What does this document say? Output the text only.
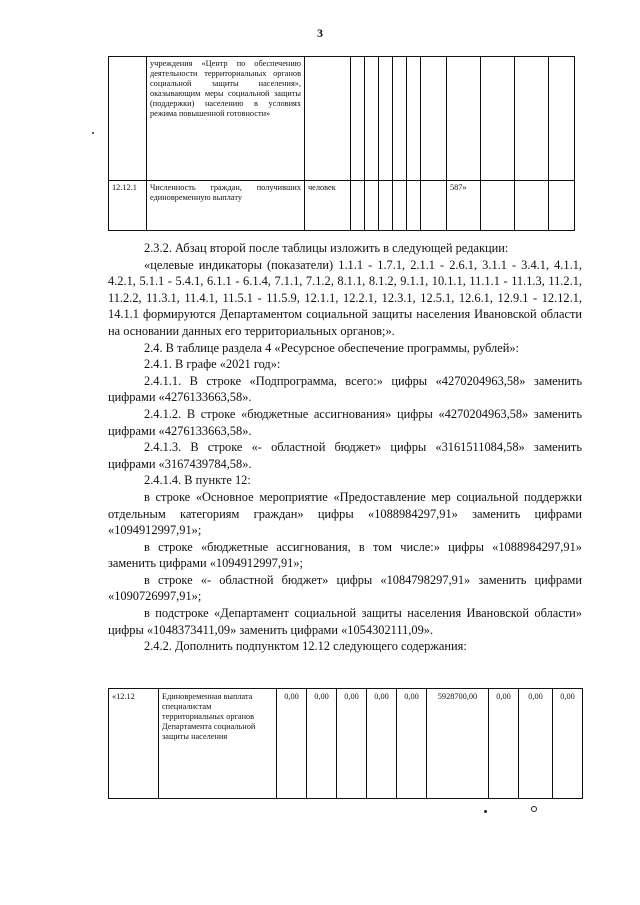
3
	учреждения «Центр по обеспечению деятельности территориальных органов социальной защиты населения», оказывающим меры социальной защиты (поддержки) населению в условиях режима повышенной готовности»											
12.12.1	Численность граждан, получивших единовременную выплату	человек							587»			

2.3.2. Абзац второй после таблицы изложить в следующей редакции:

«целевые индикаторы (показатели) 1.1.1 - 1.7.1, 2.1.1 - 2.6.1, 3.1.1 - 3.4.1, 4.1.1, 4.2.1, 5.1.1 - 5.4.1, 6.1.1 - 6.1.4, 7.1.1, 7.1.2, 8.1.1, 8.1.2, 9.1.1, 10.1.1, 11.1.1 - 11.1.3, 11.2.1, 11.2.2, 11.3.1, 11.4.1, 11.5.1 - 11.5.9, 12.1.1, 12.2.1, 12.3.1, 12.5.1, 12.6.1, 12.9.1 - 12.12.1, 14.1.1 формируются Департаментом социальной защиты населения Ивановской области на основании данных его территориальных органов;».

2.4. В таблице раздела 4 «Ресурсное обеспечение программы, рублей»:

2.4.1. В графе «2021 год»:

2.4.1.1. В строке «Подпрограмма, всего:» цифры «4270204963,58» заменить цифрами «4276133663,58».

2.4.1.2. В строке «бюджетные ассигнования» цифры «4270204963,58» заменить цифрами «4276133663,58».

2.4.1.3. В строке «- областной бюджет» цифры «3161511084,58» заменить цифрами «3167439784,58».

2.4.1.4. В пункте 12:

в строке «Основное мероприятие «Предоставление мер социальной поддержки отдельным категориям граждан» цифры «1088984297,91» заменить цифрами «1094912997,91»;

в строке «бюджетные ассигнования, в том числе:» цифры «1088984297,91» заменить цифрами «1094912997,91»;

в строке «- областной бюджет» цифры «1084798297,91» заменить цифрами «1090726997,91»;

в подстроке «Департамент социальной защиты населения Ивановской области» цифры «1048373411,09» заменить цифрами «1054302111,09».

2.4.2. Дополнить подпунктом 12.12 следующего содержания:

«12.12	Единовременная выплата специалистам территориальных органов Департамента социальной защиты населения	0,00	0,00	0,00	0,00	0,00	5928700,00	0,00	0,00	0,00
